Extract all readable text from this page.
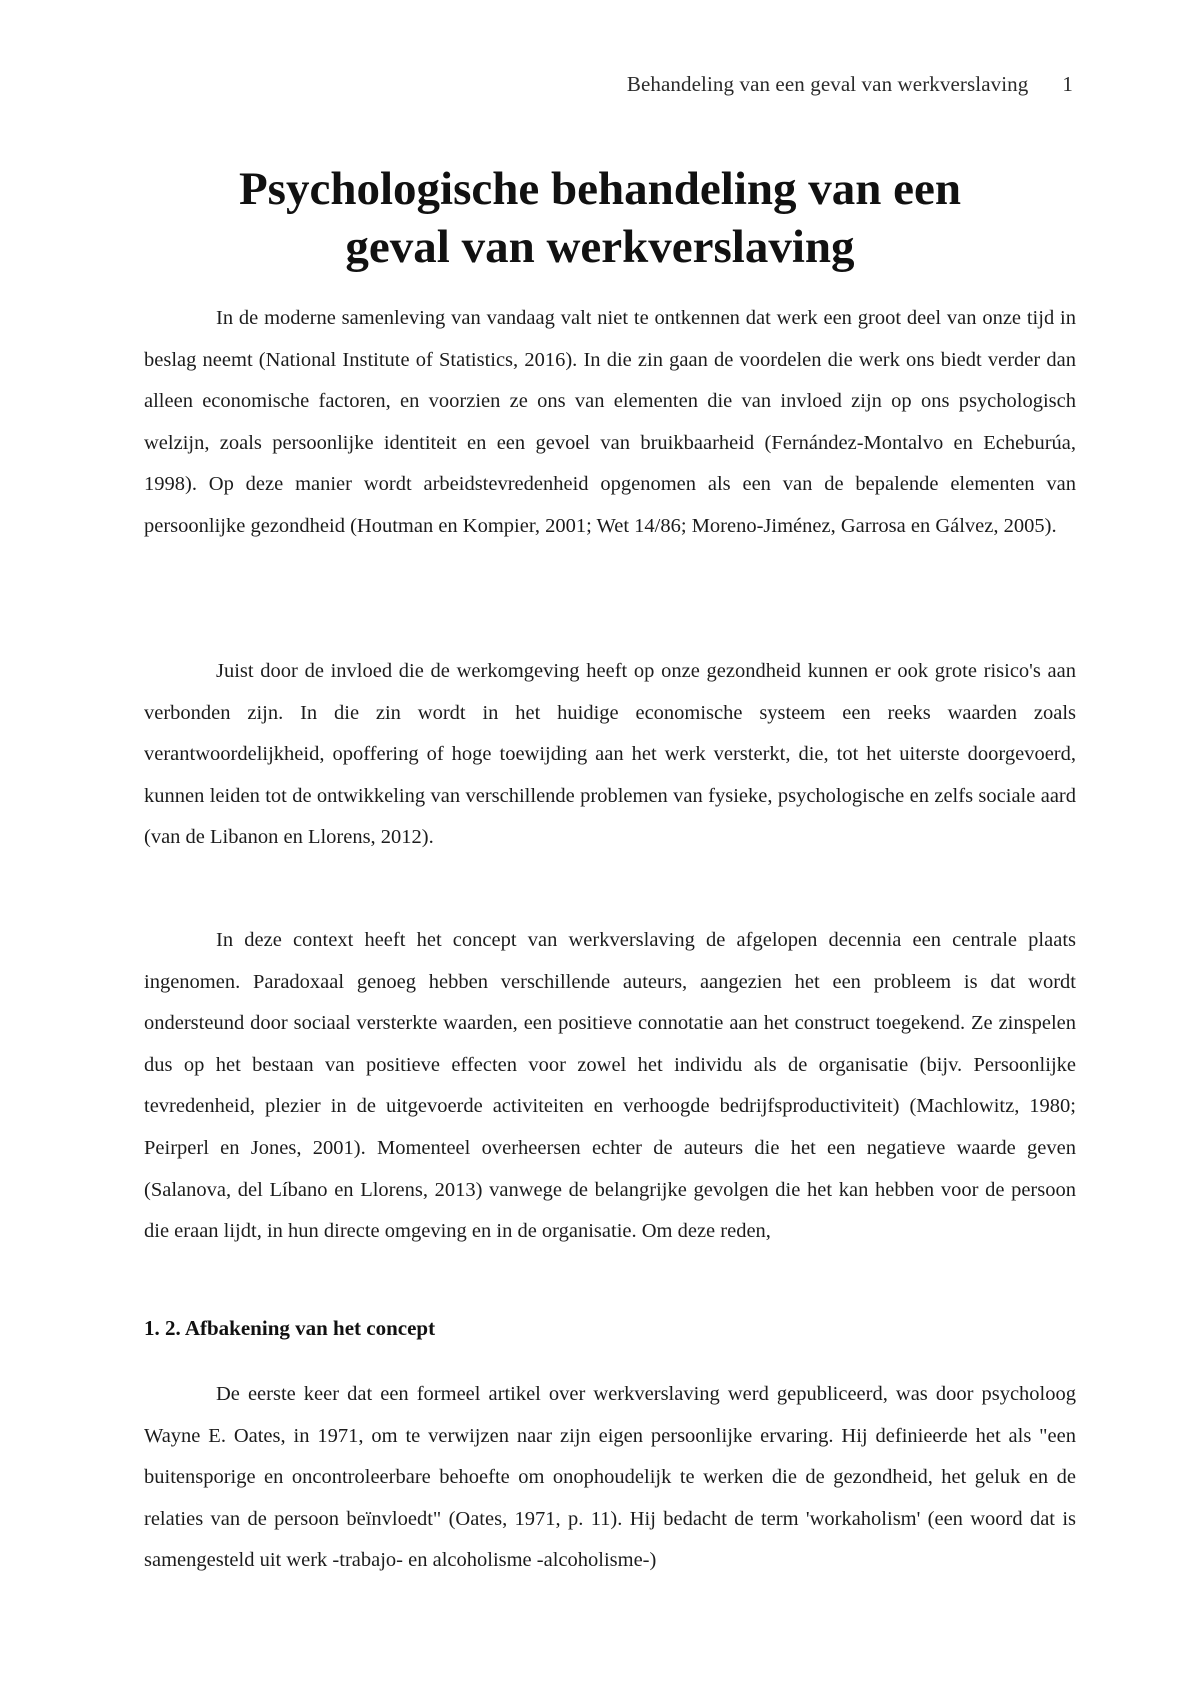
Behandeling van een geval van werkverslaving 1
Psychologische behandeling van een
geval van werkverslaving

In de moderne samenleving van vandaag valt niet te ontkennen dat werk een groot deel van onze tijd in beslag neemt (National Institute of Statistics, 2016). In die zin gaan de voordelen die werk ons biedt verder dan alleen economische factoren, en voorzien ze ons van elementen die van invloed zijn op ons psychologisch welzijn, zoals persoonlijke identiteit en een gevoel van bruikbaarheid (Fernández-Montalvo en Echeburúa, 1998). Op deze manier wordt arbeidstevredenheid opgenomen als een van de bepalende elementen van persoonlijke gezondheid (Houtman en Kompier, 2001; Wet 14/86; Moreno-Jiménez, Garrosa en Gálvez, 2005).

Juist door de invloed die de werkomgeving heeft op onze gezondheid kunnen er ook grote risico's aan verbonden zijn. In die zin wordt in het huidige economische systeem een reeks waarden zoals verantwoordelijkheid, opoffering of hoge toewijding aan het werk versterkt, die, tot het uiterste doorgevoerd, kunnen leiden tot de ontwikkeling van verschillende problemen van fysieke, psychologische en zelfs sociale aard (van de Libanon en Llorens, 2012).

In deze context heeft het concept van werkverslaving de afgelopen decennia een centrale plaats ingenomen. Paradoxaal genoeg hebben verschillende auteurs, aangezien het een probleem is dat wordt ondersteund door sociaal versterkte waarden, een positieve connotatie aan het construct toegekend. Ze zinspelen dus op het bestaan van positieve effecten voor zowel het individu als de organisatie (bijv. Persoonlijke tevredenheid, plezier in de uitgevoerde activiteiten en verhoogde bedrijfsproductiviteit) (Machlowitz, 1980; Peirperl en Jones, 2001). Momenteel overheersen echter de auteurs die het een negatieve waarde geven (Salanova, del Líbano en Llorens, 2013) vanwege de belangrijke gevolgen die het kan hebben voor de persoon die eraan lijdt, in hun directe omgeving en in de organisatie. Om deze reden,

1. 2. Afbakening van het concept

De eerste keer dat een formeel artikel over werkverslaving werd gepubliceerd, was door psycholoog Wayne E. Oates, in 1971, om te verwijzen naar zijn eigen persoonlijke ervaring. Hij definieerde het als "een buitensporige en oncontroleerbare behoefte om onophoudelijk te werken die de gezondheid, het geluk en de relaties van de persoon beïnvloedt" (Oates, 1971, p. 11). Hij bedacht de term 'workaholism' (een woord dat is samengesteld uit werk -trabajo- en alcoholisme -alcoholisme-)
